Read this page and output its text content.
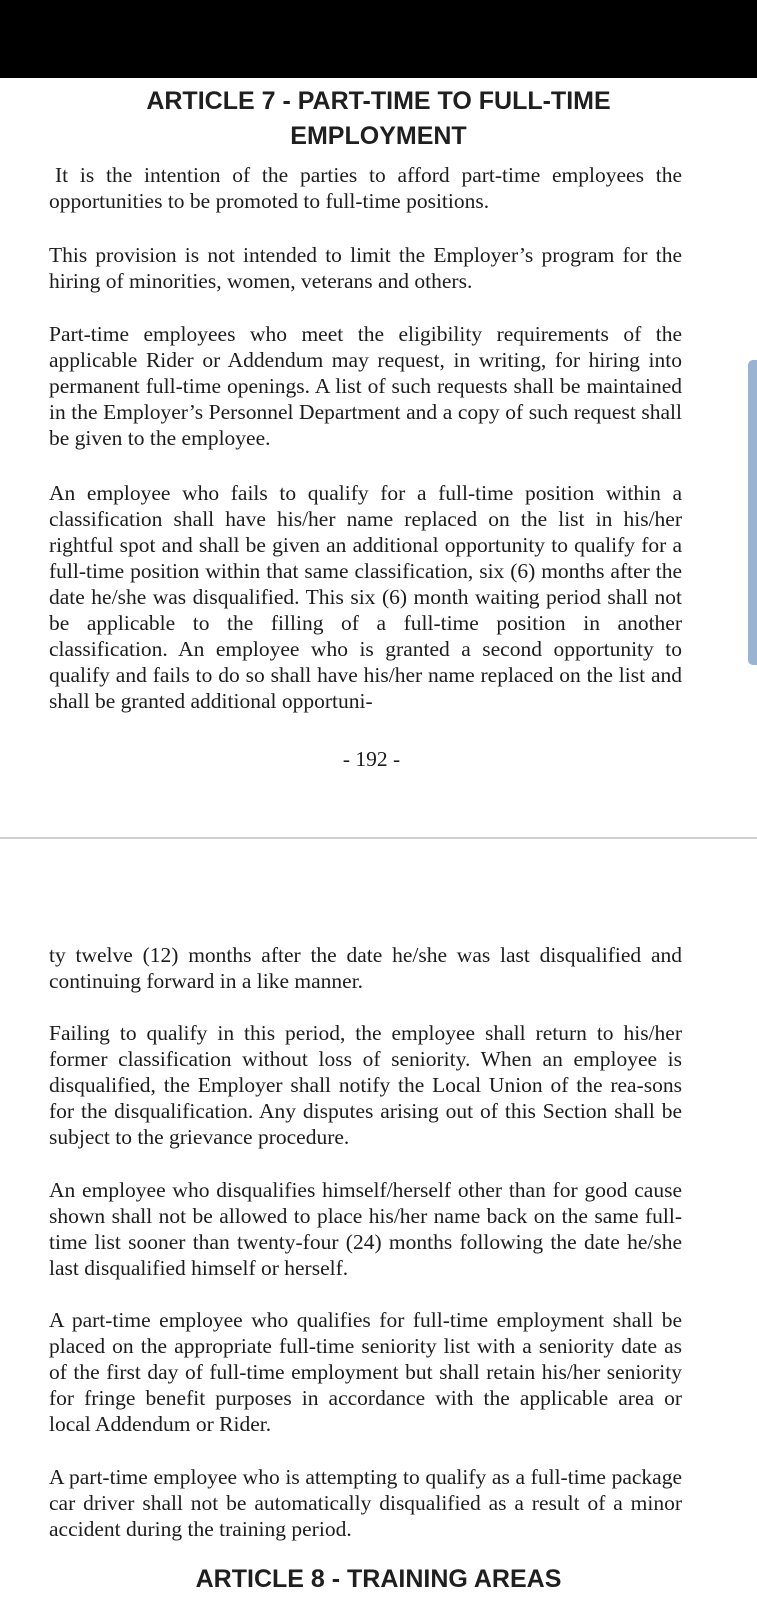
ARTICLE 7 - PART-TIME TO FULL-TIME EMPLOYMENT

It is the intention of the parties to afford part-time employees the opportunities to be promoted to full-time positions.

This provision is not intended to limit the Employer’s program for the hiring of minorities, women, veterans and others.

Part-time employees who meet the eligibility requirements of the applicable Rider or Addendum may request, in writing, for hiring into permanent full-time openings. A list of such requests shall be maintained in the Employer’s Personnel Department and a copy of such request shall be given to the employee.

An employee who fails to qualify for a full-time position within a classification shall have his/her name replaced on the list in his/her rightful spot and shall be given an additional opportunity to qualify for a full-time position within that same classification, six (6) months after the date he/she was disqualified. This six (6) month waiting period shall not be applicable to the filling of a full-time position in another classification. An employee who is granted a second opportunity to qualify and fails to do so shall have his/her name replaced on the list and shall be granted additional opportuni-

- 192 -

ty twelve (12) months after the date he/she was last disqualified and continuing forward in a like manner.

Failing to qualify in this period, the employee shall return to his/her former classification without loss of seniority. When an employee is disqualified, the Employer shall notify the Local Union of the rea-sons for the disqualification. Any disputes arising out of this Section shall be subject to the grievance procedure.

An employee who disqualifies himself/herself other than for good cause shown shall not be allowed to place his/her name back on the same full-time list sooner than twenty-four (24) months following the date he/she last disqualified himself or herself.

A part-time employee who qualifies for full-time employment shall be placed on the appropriate full-time seniority list with a seniority date as of the first day of full-time employment but shall retain his/her seniority for fringe benefit purposes in accordance with the applicable area or local Addendum or Rider.

A part-time employee who is attempting to qualify as a full-time package car driver shall not be automatically disqualified as a result of a minor accident during the training period.

ARTICLE 8 - TRAINING AREAS
